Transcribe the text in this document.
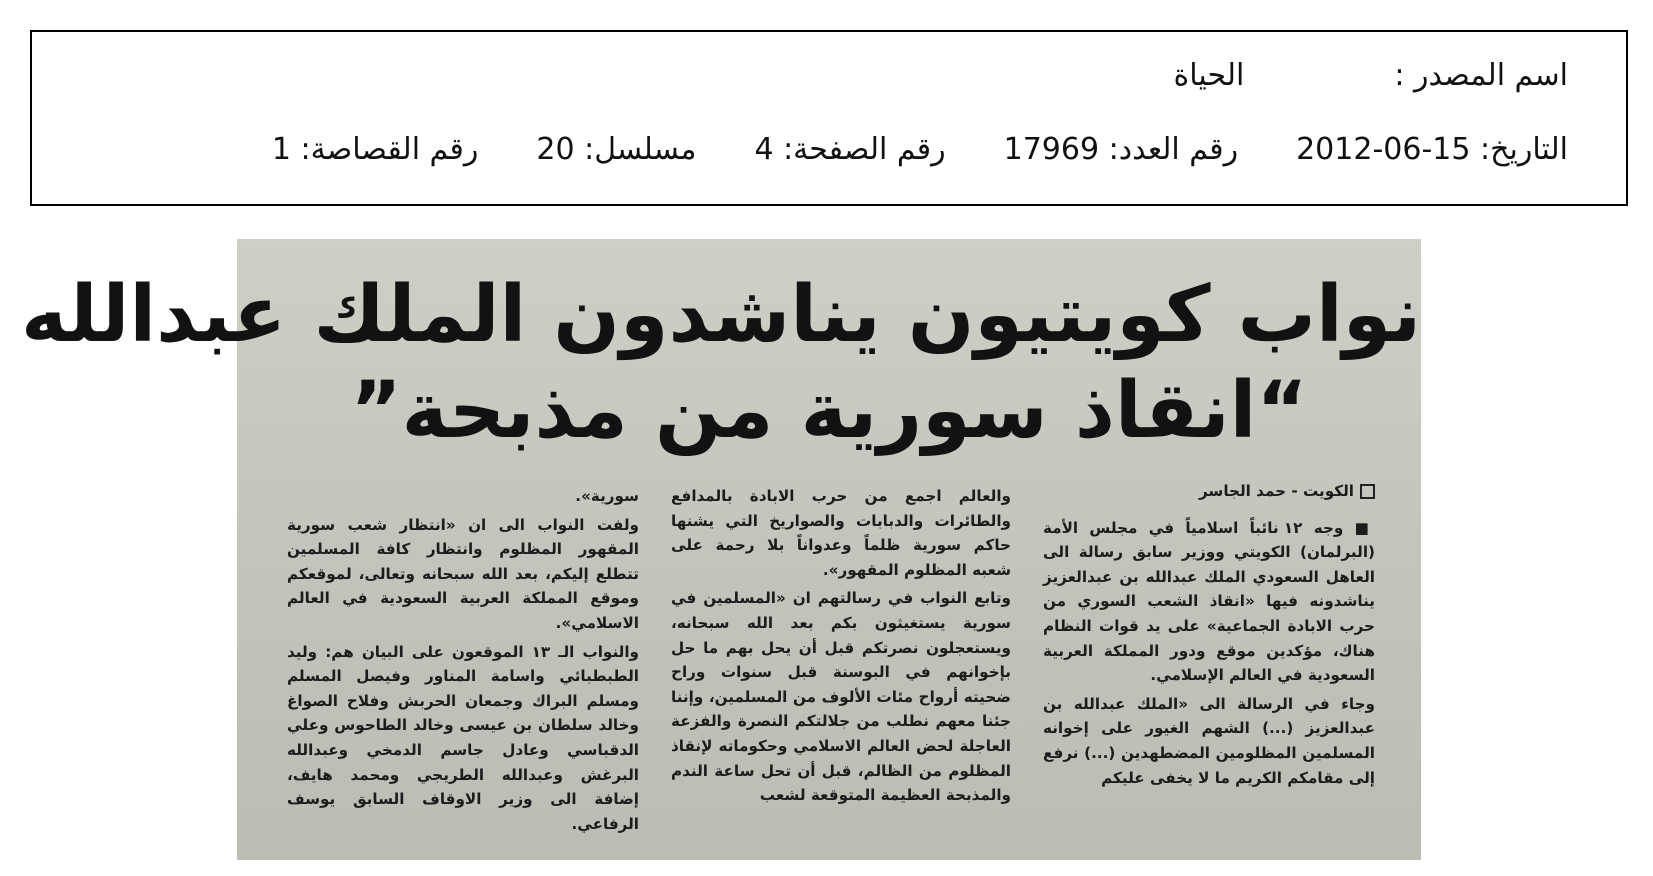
اسم المصدر :الحياة
التاريخ: 15-06-2012رقم العدد: 17969رقم الصفحة: 4مسلسل: 20رقم القصاصة: 1
نواب كويتيون يناشدون الملك عبدالله
“انقاذ سورية من مذبحة”
الكويت - حمد الجاسر

■ وجه ١٢ نائباً اسلامياً في مجلس الأمة (البرلمان) الكويتي ووزير سابق رسالة الى العاهل السعودي الملك عبدالله بن عبدالعزيز يناشدونه فيها «انقاذ الشعب السوري من حرب الابادة الجماعية» على يد قوات النظام هناك، مؤكدين موقع ودور المملكة العربية السعودية في العالم الإسلامي.

وجاء في الرسالة الى «الملك عبدالله بن عبدالعزيز (...) الشهم الغيور على إخوانه المسلمين المظلومين المضطهدين (...) نرفع إلى مقامكم الكريم ما لا يخفى عليكم

والعالم اجمع من حرب الابادة بالمدافع والطائرات والدبابات والصواريخ التي يشنها حاكم سورية ظلماً وعدواناً بلا رحمة على شعبه المظلوم المقهور».

وتابع النواب في رسالتهم ان «المسلمين في سورية يستغيثون بكم بعد الله سبحانه، ويستعجلون نصرتكم قبل أن يحل بهم ما حل بإخوانهم في البوسنة قبل سنوات وراح ضحيته أرواح مئات الألوف من المسلمين، وإننا جئنا معهم نطلب من جلالتكم النصرة والفزعة العاجلة لحض العالم الاسلامي وحكوماته لإنقاذ المظلوم من الظالم، قبل أن تحل ساعة الندم والمذبحة العظيمة المتوقعة لشعب

سورية».

ولفت النواب الى ان «انتظار شعب سورية المقهور المظلوم وانتظار كافة المسلمين تتطلع إليكم، بعد الله سبحانه وتعالى، لموقعكم وموقع المملكة العربية السعودية في العالم الاسلامي».

والنواب الـ ١٣ الموقعون على البيان هم: وليد الطبطبائي واسامة المناور وفيصل المسلم ومسلم البراك وجمعان الحربش وفلاح الصواغ وخالد سلطان بن عيسى وخالد الطاحوس وعلي الدقباسي وعادل جاسم الدمخي وعبدالله البرغش وعبدالله الطريجي ومحمد هايف، إضافة الى وزير الاوقاف السابق يوسف الرفاعي.
